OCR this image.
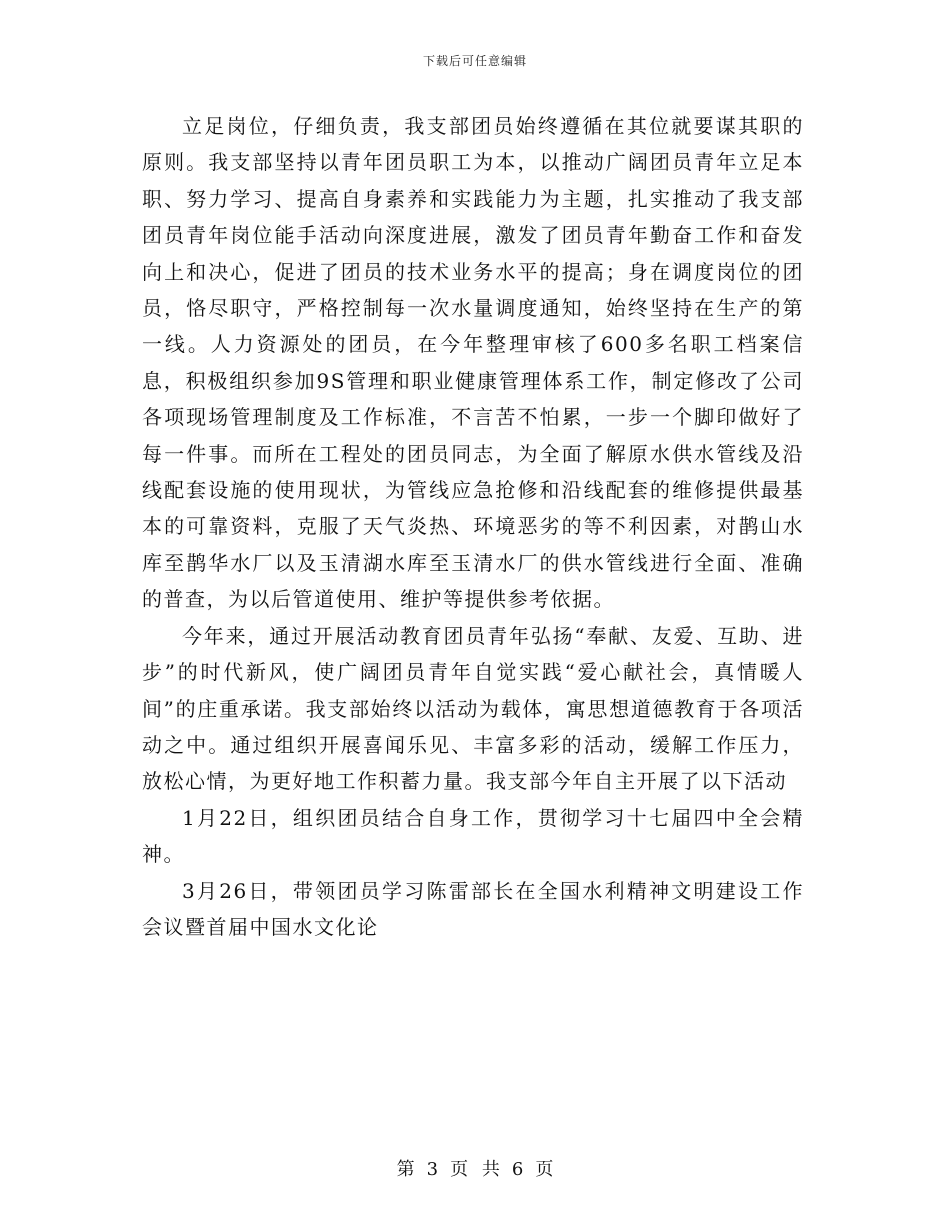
下载后可任意编辑

立足岗位，仔细负责，我支部团员始终遵循在其位就要谋其职的原则。我支部坚持以青年团员职工为本，以推动广阔团员青年立足本职、努力学习、提高自身素养和实践能力为主题，扎实推动了我支部团员青年岗位能手活动向深度进展，激发了团员青年勤奋工作和奋发向上和决心，促进了团员的技术业务水平的提高；身在调度岗位的团员，恪尽职守，严格控制每一次水量调度通知，始终坚持在生产的第一线。人力资源处的团员，在今年整理审核了600多名职工档案信息，积极组织参加9S管理和职业健康管理体系工作，制定修改了公司各项现场管理制度及工作标准，不言苦不怕累，一步一个脚印做好了每一件事。而所在工程处的团员同志，为全面了解原水供水管线及沿线配套设施的使用现状，为管线应急抢修和沿线配套的维修提供最基本的可靠资料，克服了天气炎热、环境恶劣的等不利因素，对鹊山水库至鹊华水厂以及玉清湖水库至玉清水厂的供水管线进行全面、准确的普查，为以后管道使用、维护等提供参考依据。

今年来，通过开展活动教育团员青年弘扬“奉献、友爱、互助、进步”的时代新风，使广阔团员青年自觉实践“爱心献社会，真情暖人间”的庄重承诺。我支部始终以活动为载体，寓思想道德教育于各项活动之中。通过组织开展喜闻乐见、丰富多彩的活动，缓解工作压力，放松心情，为更好地工作积蓄力量。我支部今年自主开展了以下活动

1月22日，组织团员结合自身工作，贯彻学习十七届四中全会精神。

3月26日，带领团员学习陈雷部长在全国水利精神文明建设工作会议暨首届中国水文化论

第 3 页 共 6 页
